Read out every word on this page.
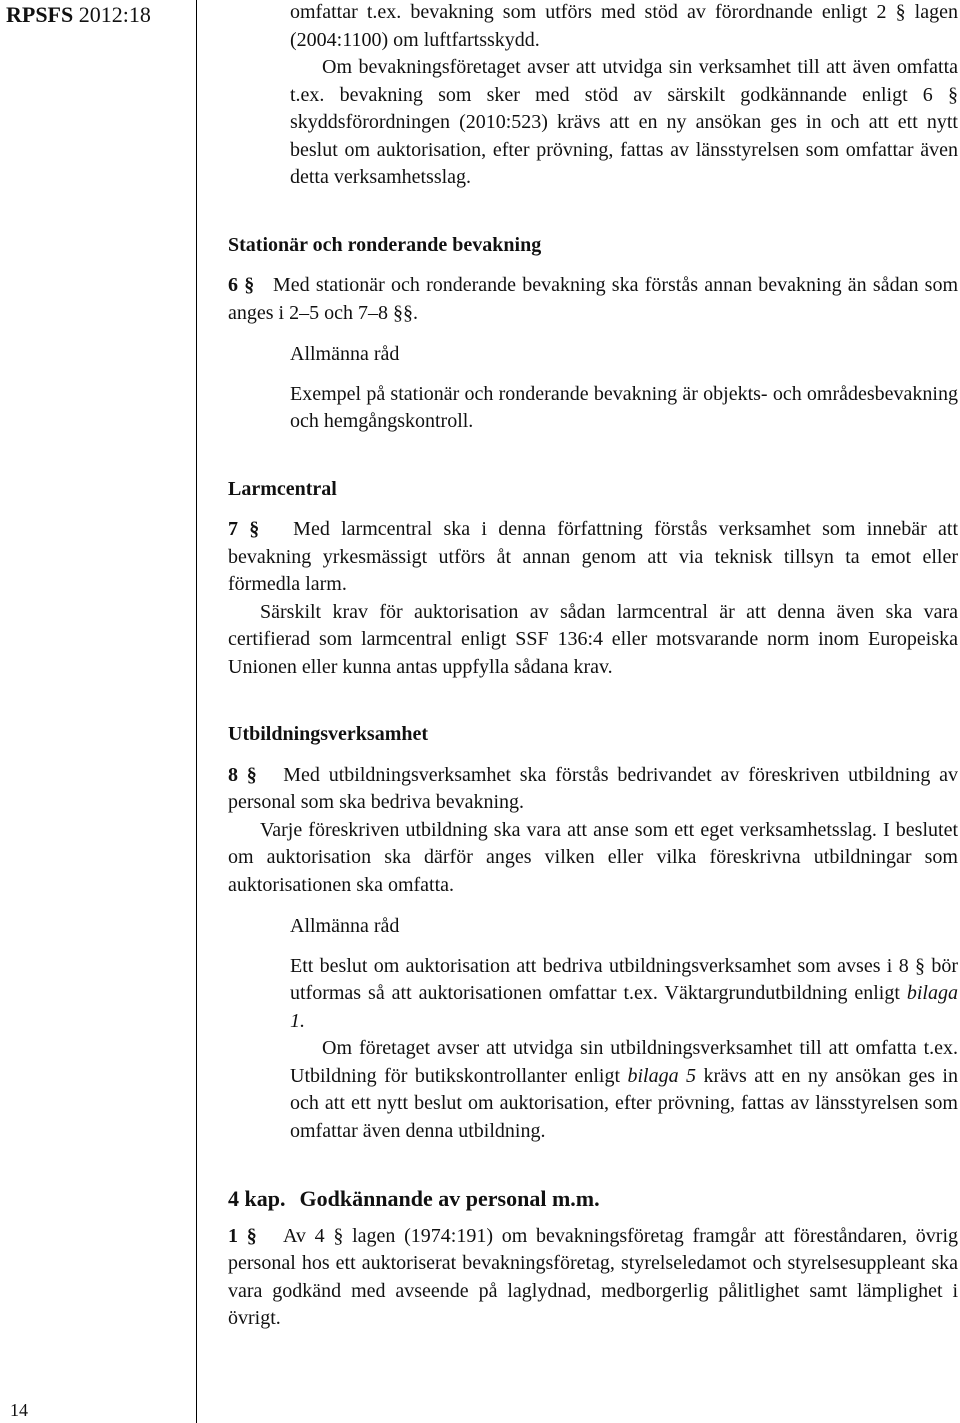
RPSFS 2012:18
14

omfattar t.ex. bevakning som utförs med stöd av förordnande enligt 2 § lagen (2004:1100) om luftfartsskydd.

Om bevakningsföretaget avser att utvidga sin verksamhet till att även omfatta t.ex. bevakning som sker med stöd av särskilt godkännande enligt 6 § skyddsförordningen (2010:523) krävs att en ny ansökan ges in och att ett nytt beslut om auktorisation, efter prövning, fattas av länsstyrelsen som omfattar även detta verksamhetsslag.

Stationär och ronderande bevakning

6 § Med stationär och ronderande bevakning ska förstås annan bevakning än sådan som anges i 2–5 och 7–8 §§.

Allmänna råd

Exempel på stationär och ronderande bevakning är objekts- och områdesbevakning och hemgångskontroll.

Larmcentral

7 § Med larmcentral ska i denna författning förstås verksamhet som innebär att bevakning yrkesmässigt utförs åt annan genom att via teknisk tillsyn ta emot eller förmedla larm.

Särskilt krav för auktorisation av sådan larmcentral är att denna även ska vara certifierad som larmcentral enligt SSF 136:4 eller motsvarande norm inom Europeiska Unionen eller kunna antas uppfylla sådana krav.

Utbildningsverksamhet

8 § Med utbildningsverksamhet ska förstås bedrivandet av föreskriven utbildning av personal som ska bedriva bevakning.

Varje föreskriven utbildning ska vara att anse som ett eget verksamhetsslag. I beslutet om auktorisation ska därför anges vilken eller vilka föreskrivna utbildningar som auktorisationen ska omfatta.

Allmänna råd

Ett beslut om auktorisation att bedriva utbildningsverksamhet som avses i 8 § bör utformas så att auktorisationen omfattar t.ex. Väktargrundutbildning enligt bilaga 1.

Om företaget avser att utvidga sin utbildningsverksamhet till att omfatta t.ex. Utbildning för butikskontrollanter enligt bilaga 5 krävs att en ny ansökan ges in och att ett nytt beslut om auktorisation, efter prövning, fattas av länsstyrelsen som omfattar även denna utbildning.

4 kap. Godkännande av personal m.m.

1 § Av 4 § lagen (1974:191) om bevakningsföretag framgår att föreståndaren, övrig personal hos ett auktoriserat bevakningsföretag, styrelseledamot och styrelsesuppleant ska vara godkänd med avseende på laglydnad, medborgerlig pålitlighet samt lämplighet i övrigt.
